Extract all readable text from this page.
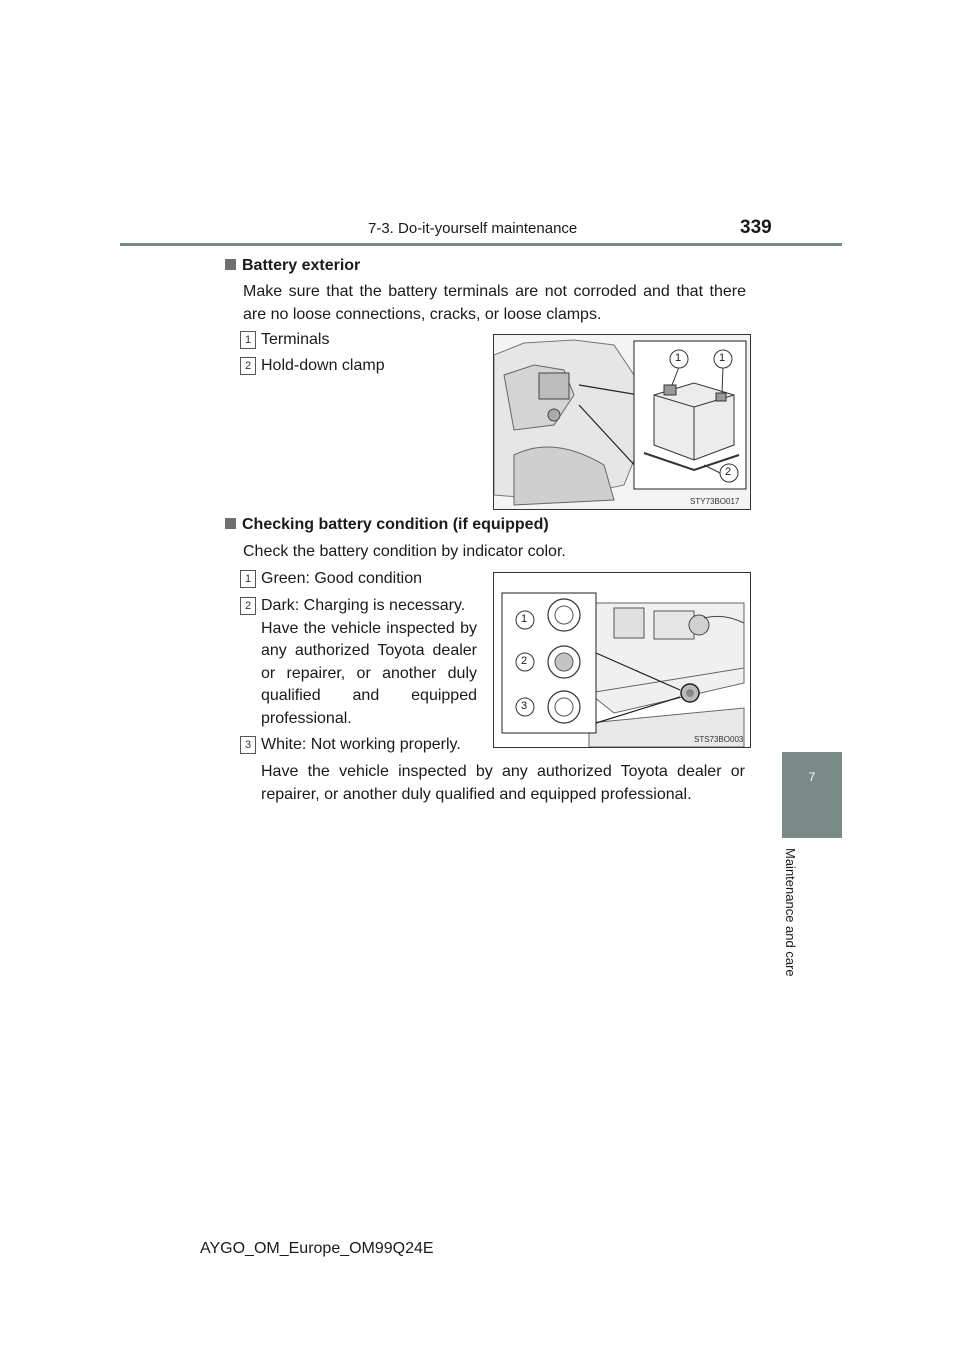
7-3. Do-it-yourself maintenance	339
7
Maintenance and care
Battery exterior
Make sure that the battery terminals are not corroded and that there are no loose connections, cracks, or loose clamps.
1 Terminals
2 Hold-down clamp	1	1
2
STY73BO017
Checking battery condition (if equipped)
Check the battery condition by indicator color.
1 Green: Good condition
2 Dark: Charging is necessary.
Have the vehicle inspected by any authorized Toyota dealer or repairer, or another duly qualified and equipped professional.
3 White: Not working properly.
Have the vehicle inspected by any authorized Toyota dealer or repairer, or another duly qualified and equipped professional.
1
2
3
STS73BO003
AYGO_OM_Europe_OM99Q24E
